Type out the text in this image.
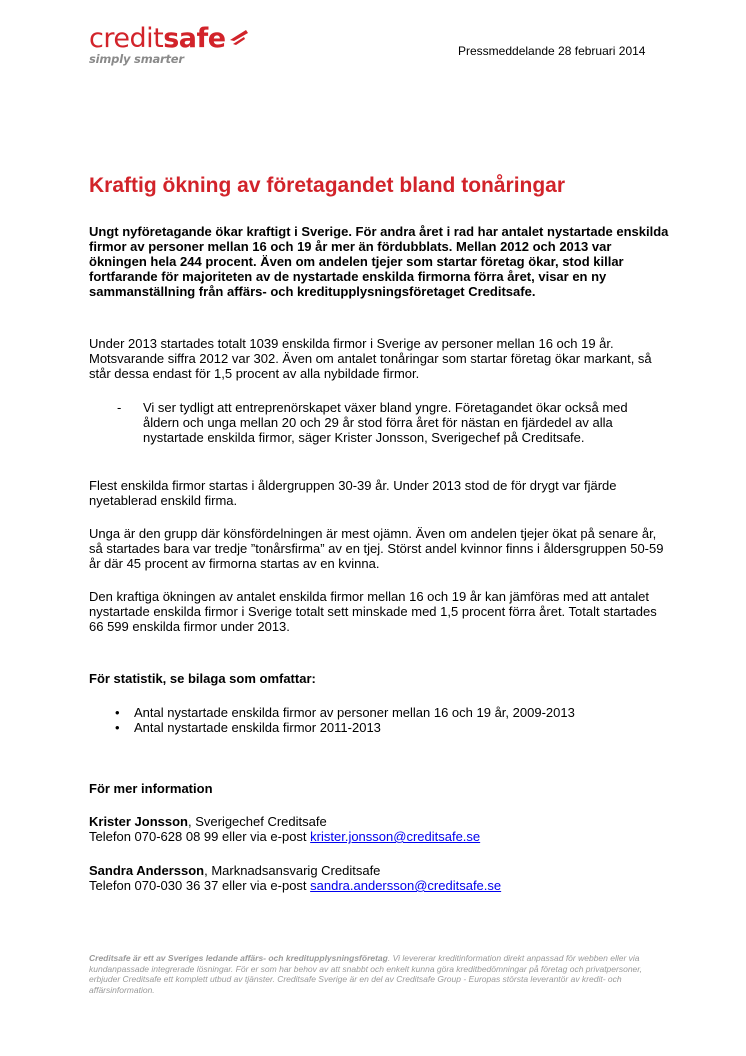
creditsafe
simply smarter
Pressmeddelande 28 februari 2014
Kraftig ökning av företagandet bland tonåringar
Ungt nyföretagande ökar kraftigt i Sverige. För andra året i rad har antalet nystartade enskilda firmor av personer mellan 16 och 19 år mer än fördubblats. Mellan 2012 och 2013 var ökningen hela 244 procent. Även om andelen tjejer som startar företag ökar, stod killar fortfarande för majoriteten av de nystartade enskilda firmorna förra året, visar en ny sammanställning från affärs- och kreditupplysningsföretaget Creditsafe.
Under 2013 startades totalt 1039 enskilda firmor i Sverige av personer mellan 16 och 19 år. Motsvarande siffra 2012 var 302. Även om antalet tonåringar som startar företag ökar markant, så står dessa endast för 1,5 procent av alla nybildade firmor.
- Vi ser tydligt att entreprenörskapet växer bland yngre. Företagandet ökar också med åldern och unga mellan 20 och 29 år stod förra året för nästan en fjärdedel av alla nystartade enskilda firmor, säger Krister Jonsson, Sverigechef på Creditsafe.
Flest enskilda firmor startas i åldergruppen 30-39 år. Under 2013 stod de för drygt var fjärde nyetablerad enskild firma.
Unga är den grupp där könsfördelningen är mest ojämn. Även om andelen tjejer ökat på senare år, så startades bara var tredje ”tonårsfirma” av en tjej. Störst andel kvinnor finns i åldersgruppen 50-59 år där 45 procent av firmorna startas av en kvinna.
Den kraftiga ökningen av antalet enskilda firmor mellan 16 och 19 år kan jämföras med att antalet nystartade enskilda firmor i Sverige totalt sett minskade med 1,5 procent förra året. Totalt startades 66 599 enskilda firmor under 2013.
För statistik, se bilaga som omfattar:
• Antal nystartade enskilda firmor av personer mellan 16 och 19 år, 2009-2013
• Antal nystartade enskilda firmor 2011-2013
För mer information
Krister Jonsson, Sverigechef Creditsafe
Telefon 070-628 08 99 eller via e-post krister.jonsson@creditsafe.se
Sandra Andersson, Marknadsansvarig Creditsafe
Telefon 070-030 36 37 eller via e-post sandra.andersson@creditsafe.se
Creditsafe är ett av Sveriges ledande affärs- och kreditupplysningsföretag. Vi levererar kreditinformation direkt anpassad för webben eller via kundanpassade integrerade lösningar. För er som har behov av att snabbt och enkelt kunna göra kreditbedömningar på företag och privatpersoner, erbjuder Creditsafe ett komplett utbud av tjänster. Creditsafe Sverige är en del av Creditsafe Group - Europas största leverantör av kredit- och affärsinformation.
